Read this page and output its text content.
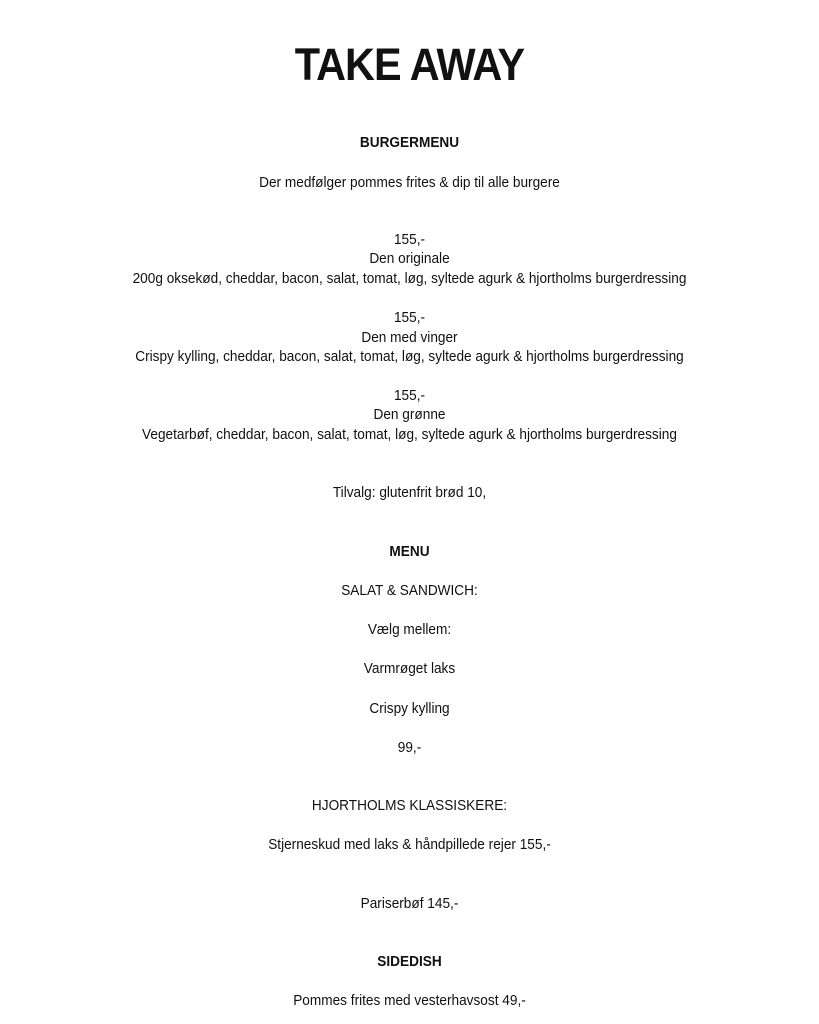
TAKE AWAY
BURGERMENU
Der medfølger pommes frites & dip til alle burgere
155,-
Den originale
200g oksekød, cheddar, bacon, salat, tomat, løg, syltede agurk & hjortholms burgerdressing
155,-
Den med vinger
Crispy kylling, cheddar, bacon, salat, tomat, løg, syltede agurk & hjortholms burgerdressing
155,-
Den grønne
Vegetarbøf, cheddar, bacon, salat, tomat, løg, syltede agurk & hjortholms burgerdressing
Tilvalg: glutenfrit brød 10,
MENU
SALAT & SANDWICH:
Vælg mellem:
Varmrøget laks
Crispy kylling
99,-
HJORTHOLMS KLASSISKERE:
Stjerneskud med laks & håndpillede rejer 155,-
Pariserbøf 145,-
SIDEDISH
Pommes frites med vesterhavsost 49,-
